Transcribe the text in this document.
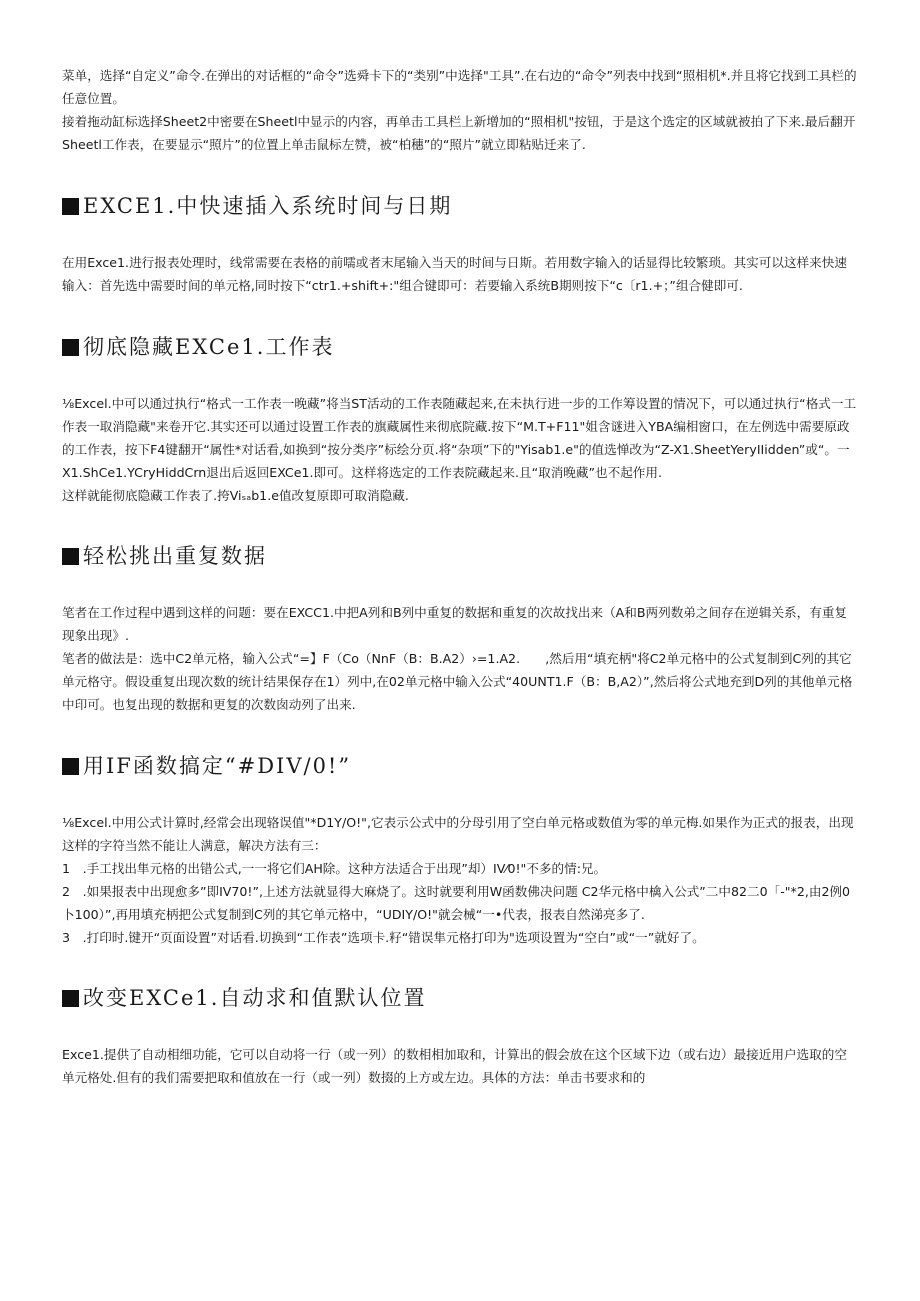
菜单，选择“自定义”命令.在弹出的对话框的“命令”选舜卡下的“类别”中选择"工具”.在右边的“命令”列表中找到“照相机*.并且将它找到工具栏的任意位置。

接着拖动缸标选择Sheet2中密要在Sheetl中显示的内容，再单击工具栏上新增加的“照相机"按钮，于是这个选定的区域就被拍了下来.最后翻开Sheetl工作表，在要显示“照片”的位置上单击鼠标左赞，被“柏穗”的“照片”就立即粘贴迁来了.

EXCE1.中快速插入系统时间与日期

在用Exce1.进行报表处理时，线常需要在表格的前嚅或者末尾输入当天的时间与日斯。若用数字输入的话显得比较繁琐。其实可以这样来快速输入：首先选中需要时间的单元格,同时按下“ctr1.+shift+:"组合键即可：若要输入系统B期则按下“c〔r1.+；”组合健即可.

彻底隐藏EXCe1.工作表

⅛Excel.中可以通过执行“格式一工作表一晚藏”将当ST活动的工作表随藏起来,在未执行进一步的工作筹设置的情况下，可以通过执行“格式一工作表一取消隐藏"来卷开它.其实还可以通过设置工作表的旗藏属性来彻底院藏.按下“M.T+F11"姐含谜进入YBA编相窗口，在左例选中需要原政的工作表，按下F4键翻开“属性*对话看,如换到“按分类序”标绘分页.将“杂项”下的"Yisab1.e"的值选惮改为“Z-X1.SheetYeryIIidden”或“。一X1.ShCe1.YCryHiddCrn退出后返回EXCe1.即可。这样将选定的工作表院藏起来.且“取消晚藏”也不起作用.

这样就能彻底隐藏工作表了.挎Viₛₐb1.e值改复原即可取消隐藏.

轻松挑出重复数据

笔者在工作过程中遇到这样的问题：要在EXCC1.中把A列和B列中重复的数据和重复的次故找出来（A和B两列数弟之间存在逆辑关系，有重复现象出现》.

笔者的做法是：选中C2单元格，输入公式“=】F（Co（NnF（B：B.A2）›=1.A2.　　,然后用“填充柄"将C2单元格中的公式复制到C列的其它单元格守。假设重复出现次数的统计结果保存在1）列中,在02单元格中输入公式“40UNT1.F（B：B,A2）”,然后将公式地充到D列的其他单元格中印可。也复出现的数据和更复的次数囱动列了出来.

用IF函数搞定“#DIV/0!”

⅛Excel.中用公式计算时,经常会出现辂误值"*D1Y/O!",它表示公式中的分母引用了空白单元格或数值为零的单元梅.如果作为正式的报表，出现这样的字符当然不能让人满意，解决方法有三：

1　.手工找出隼元格的出错公式,一一将它们AH除。这种方法适合于出现”却）IV⁄0!"不多的情:兄。

2　.如果报表中出现愈多”即IV70!”,上述方法就显得大麻烧了。这时就要利用W函数佛决问题 C2华元格中檎入公式”二中82二0「-"*2,由2例0卜100）”,再用填充柄把公式复制到C列的其它单元格中，“UDIY/O!"就会械“一•代表，报表自然涕亮多了.

3　.打印时.键开“页面设置”对话看.切换到“工作表”选项卡.籽“错误隼元格打印为"选项设置为“空白”或“一”就好了。

改变EXCe1.自动求和值默认位置

Exce1.提供了自动相细功能，它可以自动将一行（或一列）的数相相加取和，计算出的假会放在这个区域下边（或右边）最接近用户选取的空单元格处.但有的我们需要把取和值放在一行（或一列）数掇的上方或左边。具体的方法：单击书要求和的
